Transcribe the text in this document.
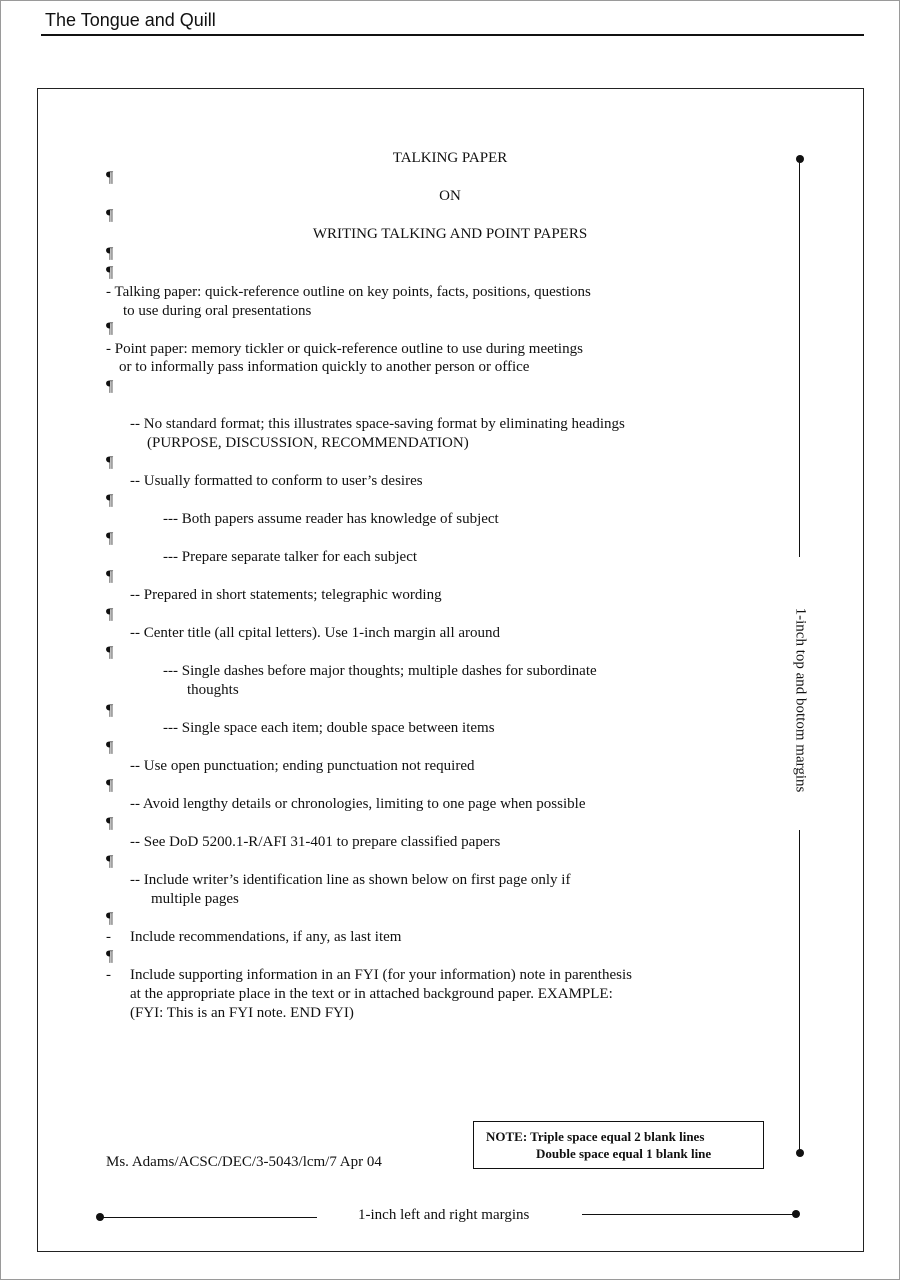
The Tongue and Quill
TALKING PAPER
ON
WRITING TALKING AND POINT PAPERS
¶
¶
¶
¶
¶
¶
¶
¶
¶
¶
¶
¶
¶
¶
¶
¶
¶
¶
¶
- Talking paper: quick-reference outline on key points, facts, positions, questions
to use during oral presentations
- Point paper: memory tickler or quick-reference outline to use during meetings
or to informally pass information quickly to another person or office
-- No standard format; this illustrates space-saving format by eliminating headings
(PURPOSE, DISCUSSION, RECOMMENDATION)
-- Usually formatted to conform to user’s desires
--- Both papers assume reader has knowledge of subject
--- Prepare separate talker for each subject
-- Prepared in short statements; telegraphic wording
-- Center title (all cpital letters). Use 1-inch margin all around
--- Single dashes before major thoughts; multiple dashes for subordinate
thoughts
--- Single space each item; double space between items
-- Use open punctuation; ending punctuation not required
-- Avoid lengthy details or chronologies, limiting to one page when possible
-- See DoD 5200.1-R/AFI 31-401 to prepare classified papers
-- Include writer’s identification line as shown below on first page only if
multiple pages
- Include recommendations, if any, as last item
- Include supporting information in an FYI (for your information) note in parenthesis
at the appropriate place in the text or in attached background paper. EXAMPLE:
(FYI: This is an FYI note. END FYI)
Ms. Adams/ACSC/DEC/3-5043/lcm/7 Apr 04
NOTE: Triple space equal 2 blank lines
Double space equal 1 blank line
1-inch top and bottom margins
1-inch left and right margins
